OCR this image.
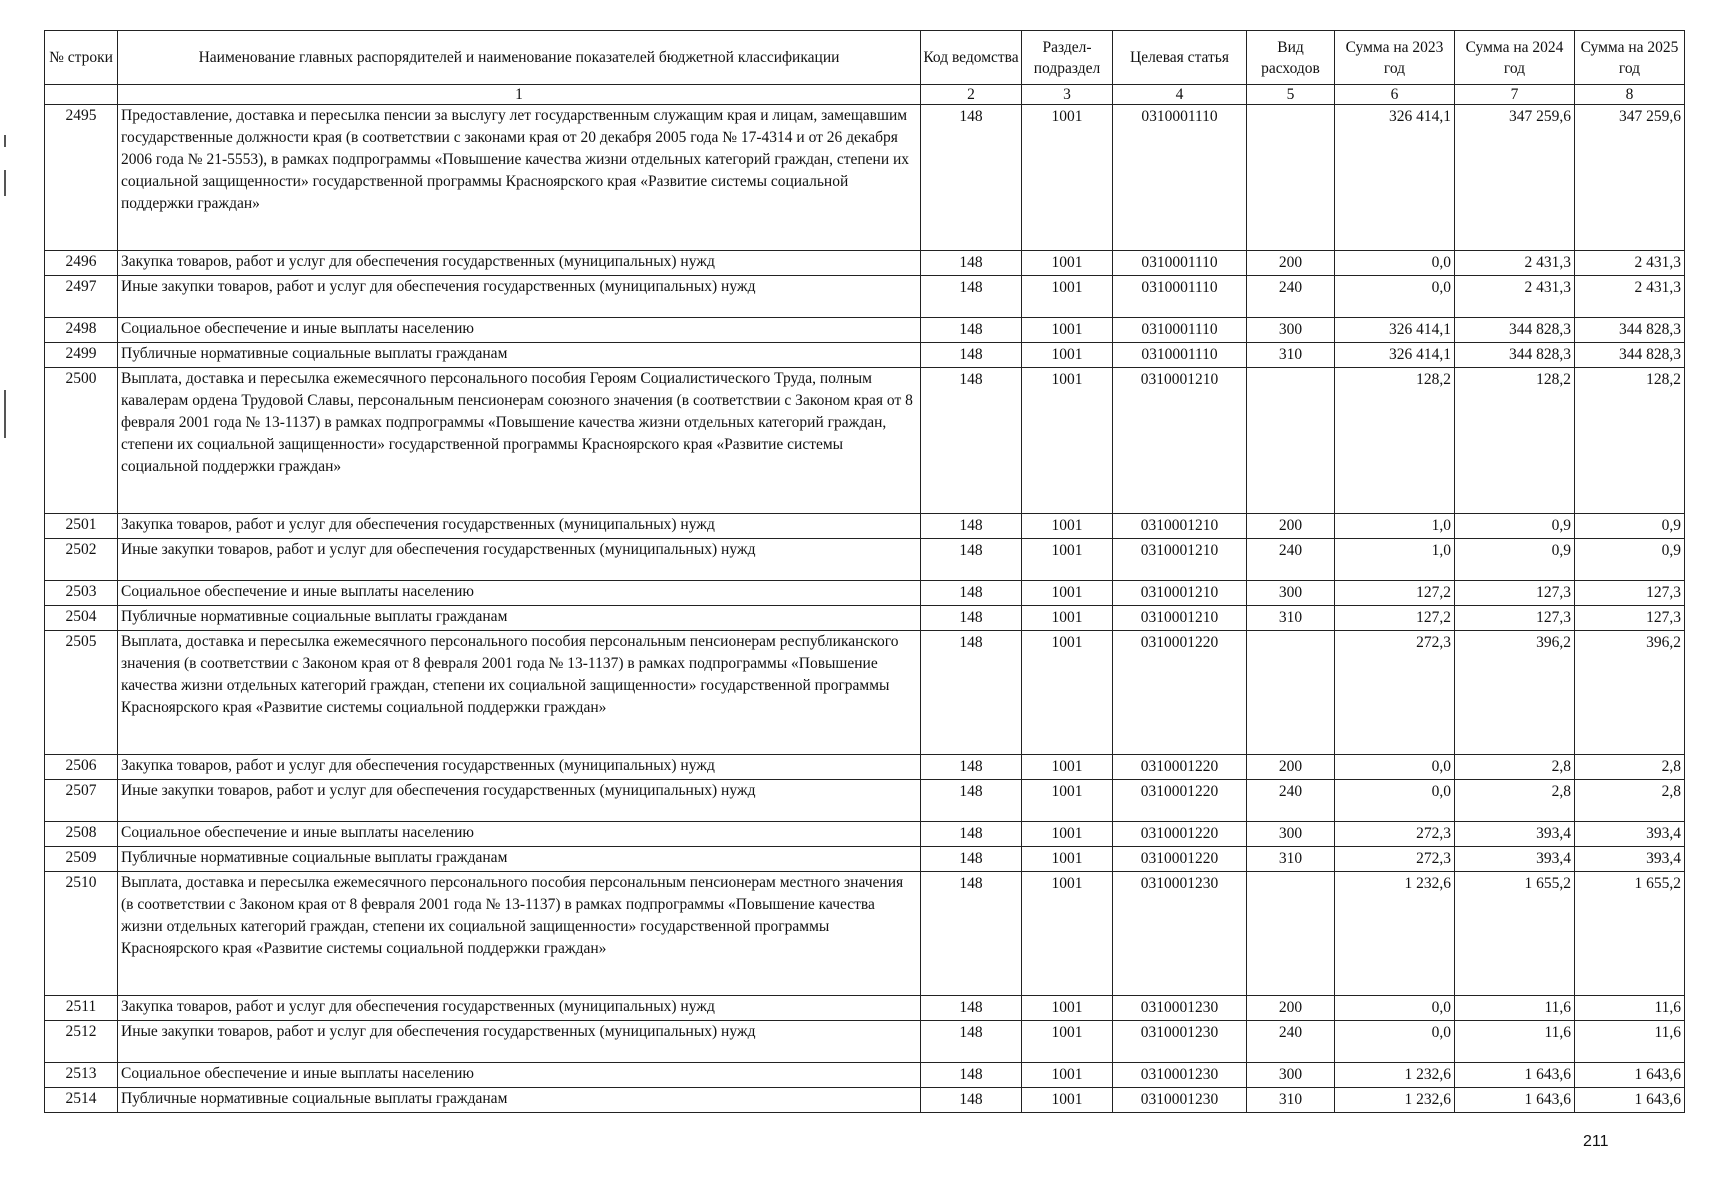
№ строки	Наименование главных распорядителей и наименование показателей бюджетной классификации	Код ведомства	Раздел-подраздел	Целевая статья	Вид расходов	Сумма на 2023 год	Сумма на 2024 год	Сумма на 2025 год
	1	2	3	4	5	6	7	8
2495	Предоставление, доставка и пересылка пенсии за выслугу лет государственным служащим края и лицам, замещавшим государственные должности края (в соответствии с законами края от 20 декабря 2005 года № 17-4314 и от 26 декабря 2006 года № 21-5553), в рамках подпрограммы «Повышение качества жизни отдельных категорий граждан, степени их социальной защищенности» государственной программы Красноярского края «Развитие системы социальной поддержки граждан»	148	1001	0310001110		326 414,1	347 259,6	347 259,6
2496	Закупка товаров, работ и услуг для обеспечения государственных (муниципальных) нужд	148	1001	0310001110	200	0,0	2 431,3	2 431,3
2497	Иные закупки товаров, работ и услуг для обеспечения государственных (муниципальных) нужд	148	1001	0310001110	240	0,0	2 431,3	2 431,3
2498	Социальное обеспечение и иные выплаты населению	148	1001	0310001110	300	326 414,1	344 828,3	344 828,3
2499	Публичные нормативные социальные выплаты гражданам	148	1001	0310001110	310	326 414,1	344 828,3	344 828,3
2500	Выплата, доставка и пересылка ежемесячного персонального пособия Героям Социалистического Труда, полным кавалерам ордена Трудовой Славы, персональным пенсионерам союзного значения (в соответствии с Законом края от 8 февраля 2001 года № 13-1137) в рамках подпрограммы «Повышение качества жизни отдельных категорий граждан, степени их социальной защищенности» государственной программы Красноярского края «Развитие системы социальной поддержки граждан»	148	1001	0310001210		128,2	128,2	128,2
2501	Закупка товаров, работ и услуг для обеспечения государственных (муниципальных) нужд	148	1001	0310001210	200	1,0	0,9	0,9
2502	Иные закупки товаров, работ и услуг для обеспечения государственных (муниципальных) нужд	148	1001	0310001210	240	1,0	0,9	0,9
2503	Социальное обеспечение и иные выплаты населению	148	1001	0310001210	300	127,2	127,3	127,3
2504	Публичные нормативные социальные выплаты гражданам	148	1001	0310001210	310	127,2	127,3	127,3
2505	Выплата, доставка и пересылка ежемесячного персонального пособия персональным пенсионерам республиканского значения (в соответствии с Законом края от 8 февраля 2001 года № 13-1137) в рамках подпрограммы «Повышение качества жизни отдельных категорий граждан, степени их социальной защищенности» государственной программы Красноярского края «Развитие системы социальной поддержки граждан»	148	1001	0310001220		272,3	396,2	396,2
2506	Закупка товаров, работ и услуг для обеспечения государственных (муниципальных) нужд	148	1001	0310001220	200	0,0	2,8	2,8
2507	Иные закупки товаров, работ и услуг для обеспечения государственных (муниципальных) нужд	148	1001	0310001220	240	0,0	2,8	2,8
2508	Социальное обеспечение и иные выплаты населению	148	1001	0310001220	300	272,3	393,4	393,4
2509	Публичные нормативные социальные выплаты гражданам	148	1001	0310001220	310	272,3	393,4	393,4
2510	Выплата, доставка и пересылка ежемесячного персонального пособия персональным пенсионерам местного значения (в соответствии с Законом края от 8 февраля 2001 года № 13-1137) в рамках подпрограммы «Повышение качества жизни отдельных категорий граждан, степени их социальной защищенности» государственной программы Красноярского края «Развитие системы социальной поддержки граждан»	148	1001	0310001230		1 232,6	1 655,2	1 655,2
2511	Закупка товаров, работ и услуг для обеспечения государственных (муниципальных) нужд	148	1001	0310001230	200	0,0	11,6	11,6
2512	Иные закупки товаров, работ и услуг для обеспечения государственных (муниципальных) нужд	148	1001	0310001230	240	0,0	11,6	11,6
2513	Социальное обеспечение и иные выплаты населению	148	1001	0310001230	300	1 232,6	1 643,6	1 643,6
2514	Публичные нормативные социальные выплаты гражданам	148	1001	0310001230	310	1 232,6	1 643,6	1 643,6
211
